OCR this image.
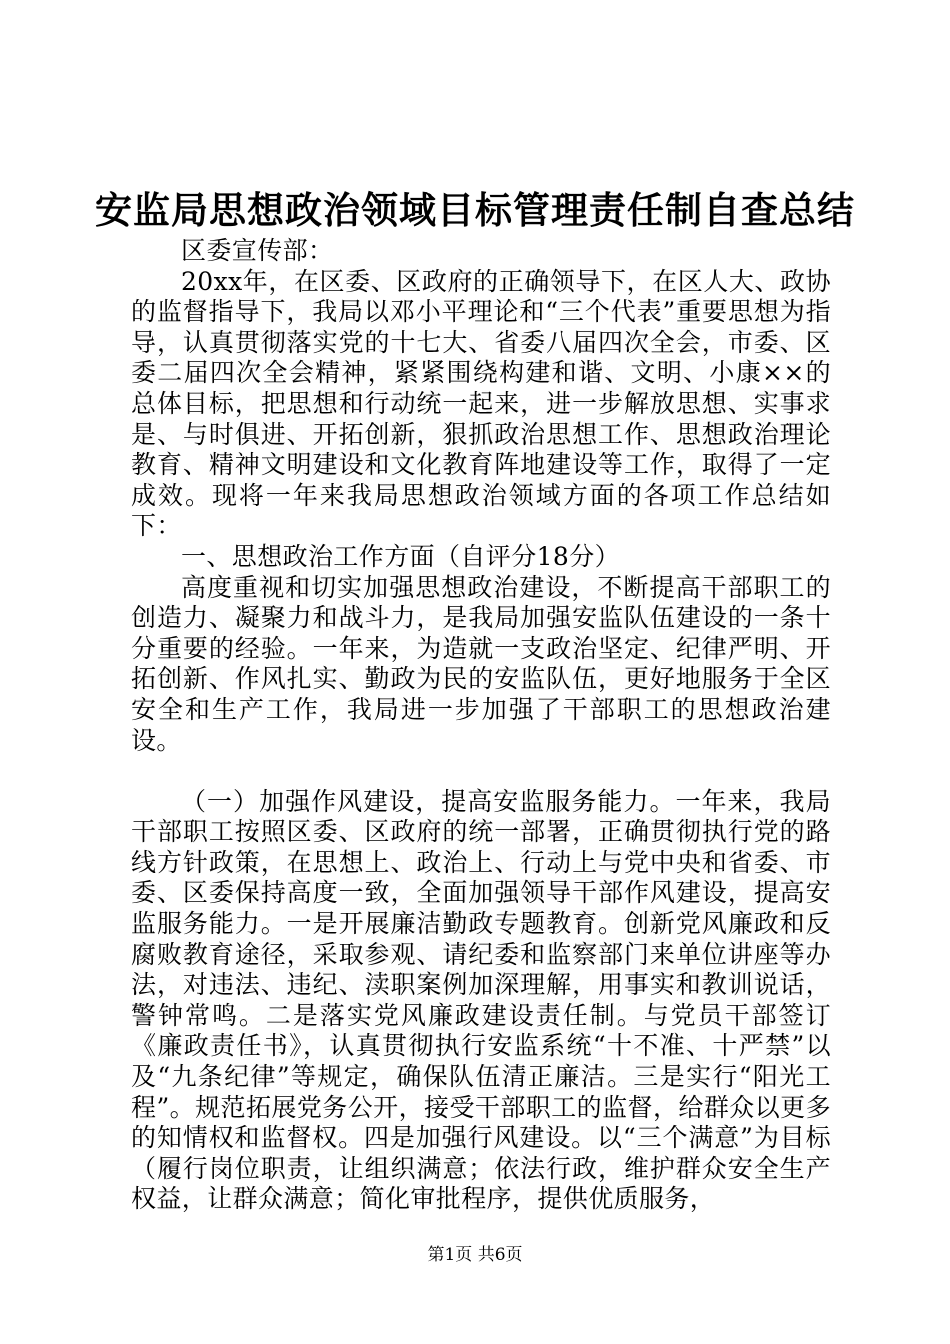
安监局思想政治领域目标管理责任制自查总结

区委宣传部：

20xx年，在区委、区政府的正确领导下，在区人大、政协的监督指导下，我局以邓小平理论和“三个代表”重要思想为指导，认真贯彻落实党的十七大、省委八届四次全会，市委、区委二届四次全会精神，紧紧围绕构建和谐、文明、小康××的总体目标，把思想和行动统一起来，进一步解放思想、实事求是、与时俱进、开拓创新，狠抓政治思想工作、思想政治理论教育、精神文明建设和文化教育阵地建设等工作，取得了一定成效。现将一年来我局思想政治领域方面的各项工作总结如下：

一、思想政治工作方面（自评分18分）

高度重视和切实加强思想政治建设，不断提高干部职工的创造力、凝聚力和战斗力，是我局加强安监队伍建设的一条十分重要的经验。一年来，为造就一支政治坚定、纪律严明、开拓创新、作风扎实、勤政为民的安监队伍，更好地服务于全区安全和生产工作，我局进一步加强了干部职工的思想政治建设。

（一）加强作风建设，提高安监服务能力。一年来，我局干部职工按照区委、区政府的统一部署，正确贯彻执行党的路线方针政策，在思想上、政治上、行动上与党中央和省委、市委、区委保持高度一致，全面加强领导干部作风建设，提高安监服务能力。一是开展廉洁勤政专题教育。创新党风廉政和反腐败教育途径，采取参观、请纪委和监察部门来单位讲座等办法，对违法、违纪、渎职案例加深理解，用事实和教训说话，警钟常鸣。二是落实党风廉政建设责任制。与党员干部签订《廉政责任书》，认真贯彻执行安监系统“十不准、十严禁”以及“九条纪律”等规定，确保队伍清正廉洁。三是实行“阳光工程”。规范拓展党务公开，接受干部职工的监督，给群众以更多的知情权和监督权。四是加强行风建设。以“三个满意”为目标（履行岗位职责，让组织满意；依法行政，维护群众安全生产权益，让群众满意；简化审批程序，提供优质服务，

第1页 共6页
